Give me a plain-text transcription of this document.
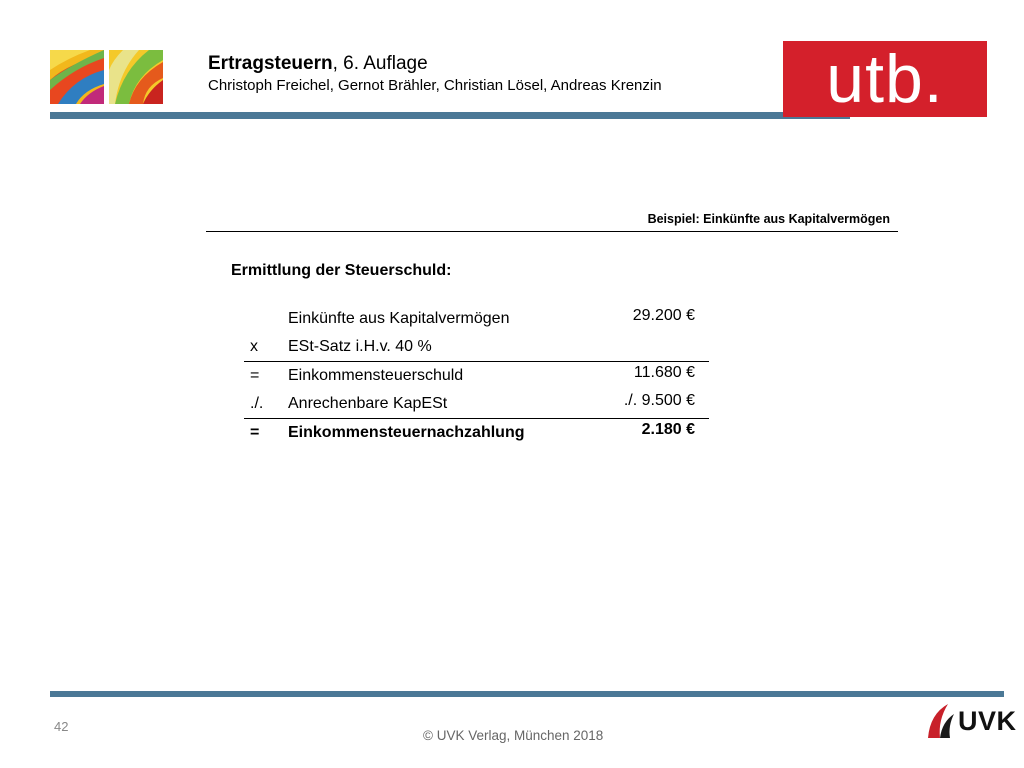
Ertragsteuern, 6. Auflage
Christoph Freichel, Gernot Brähler, Christian Lösel, Andreas Krenzin	utb.
Beispiel: Einkünfte aus Kapitalvermögen
Ermittlung der Steuerschuld:
Einkünfte aus Kapitalvermögen	29.200 €
x ESt-Satz i.H.v. 40 %
= Einkommensteuerschuld	11.680 €
./. Anrechenbare KapESt	./. 9.500 €
= Einkommensteuernachzahlung	2.180 €
42
© UVK Verlag, München 2018	UVK
